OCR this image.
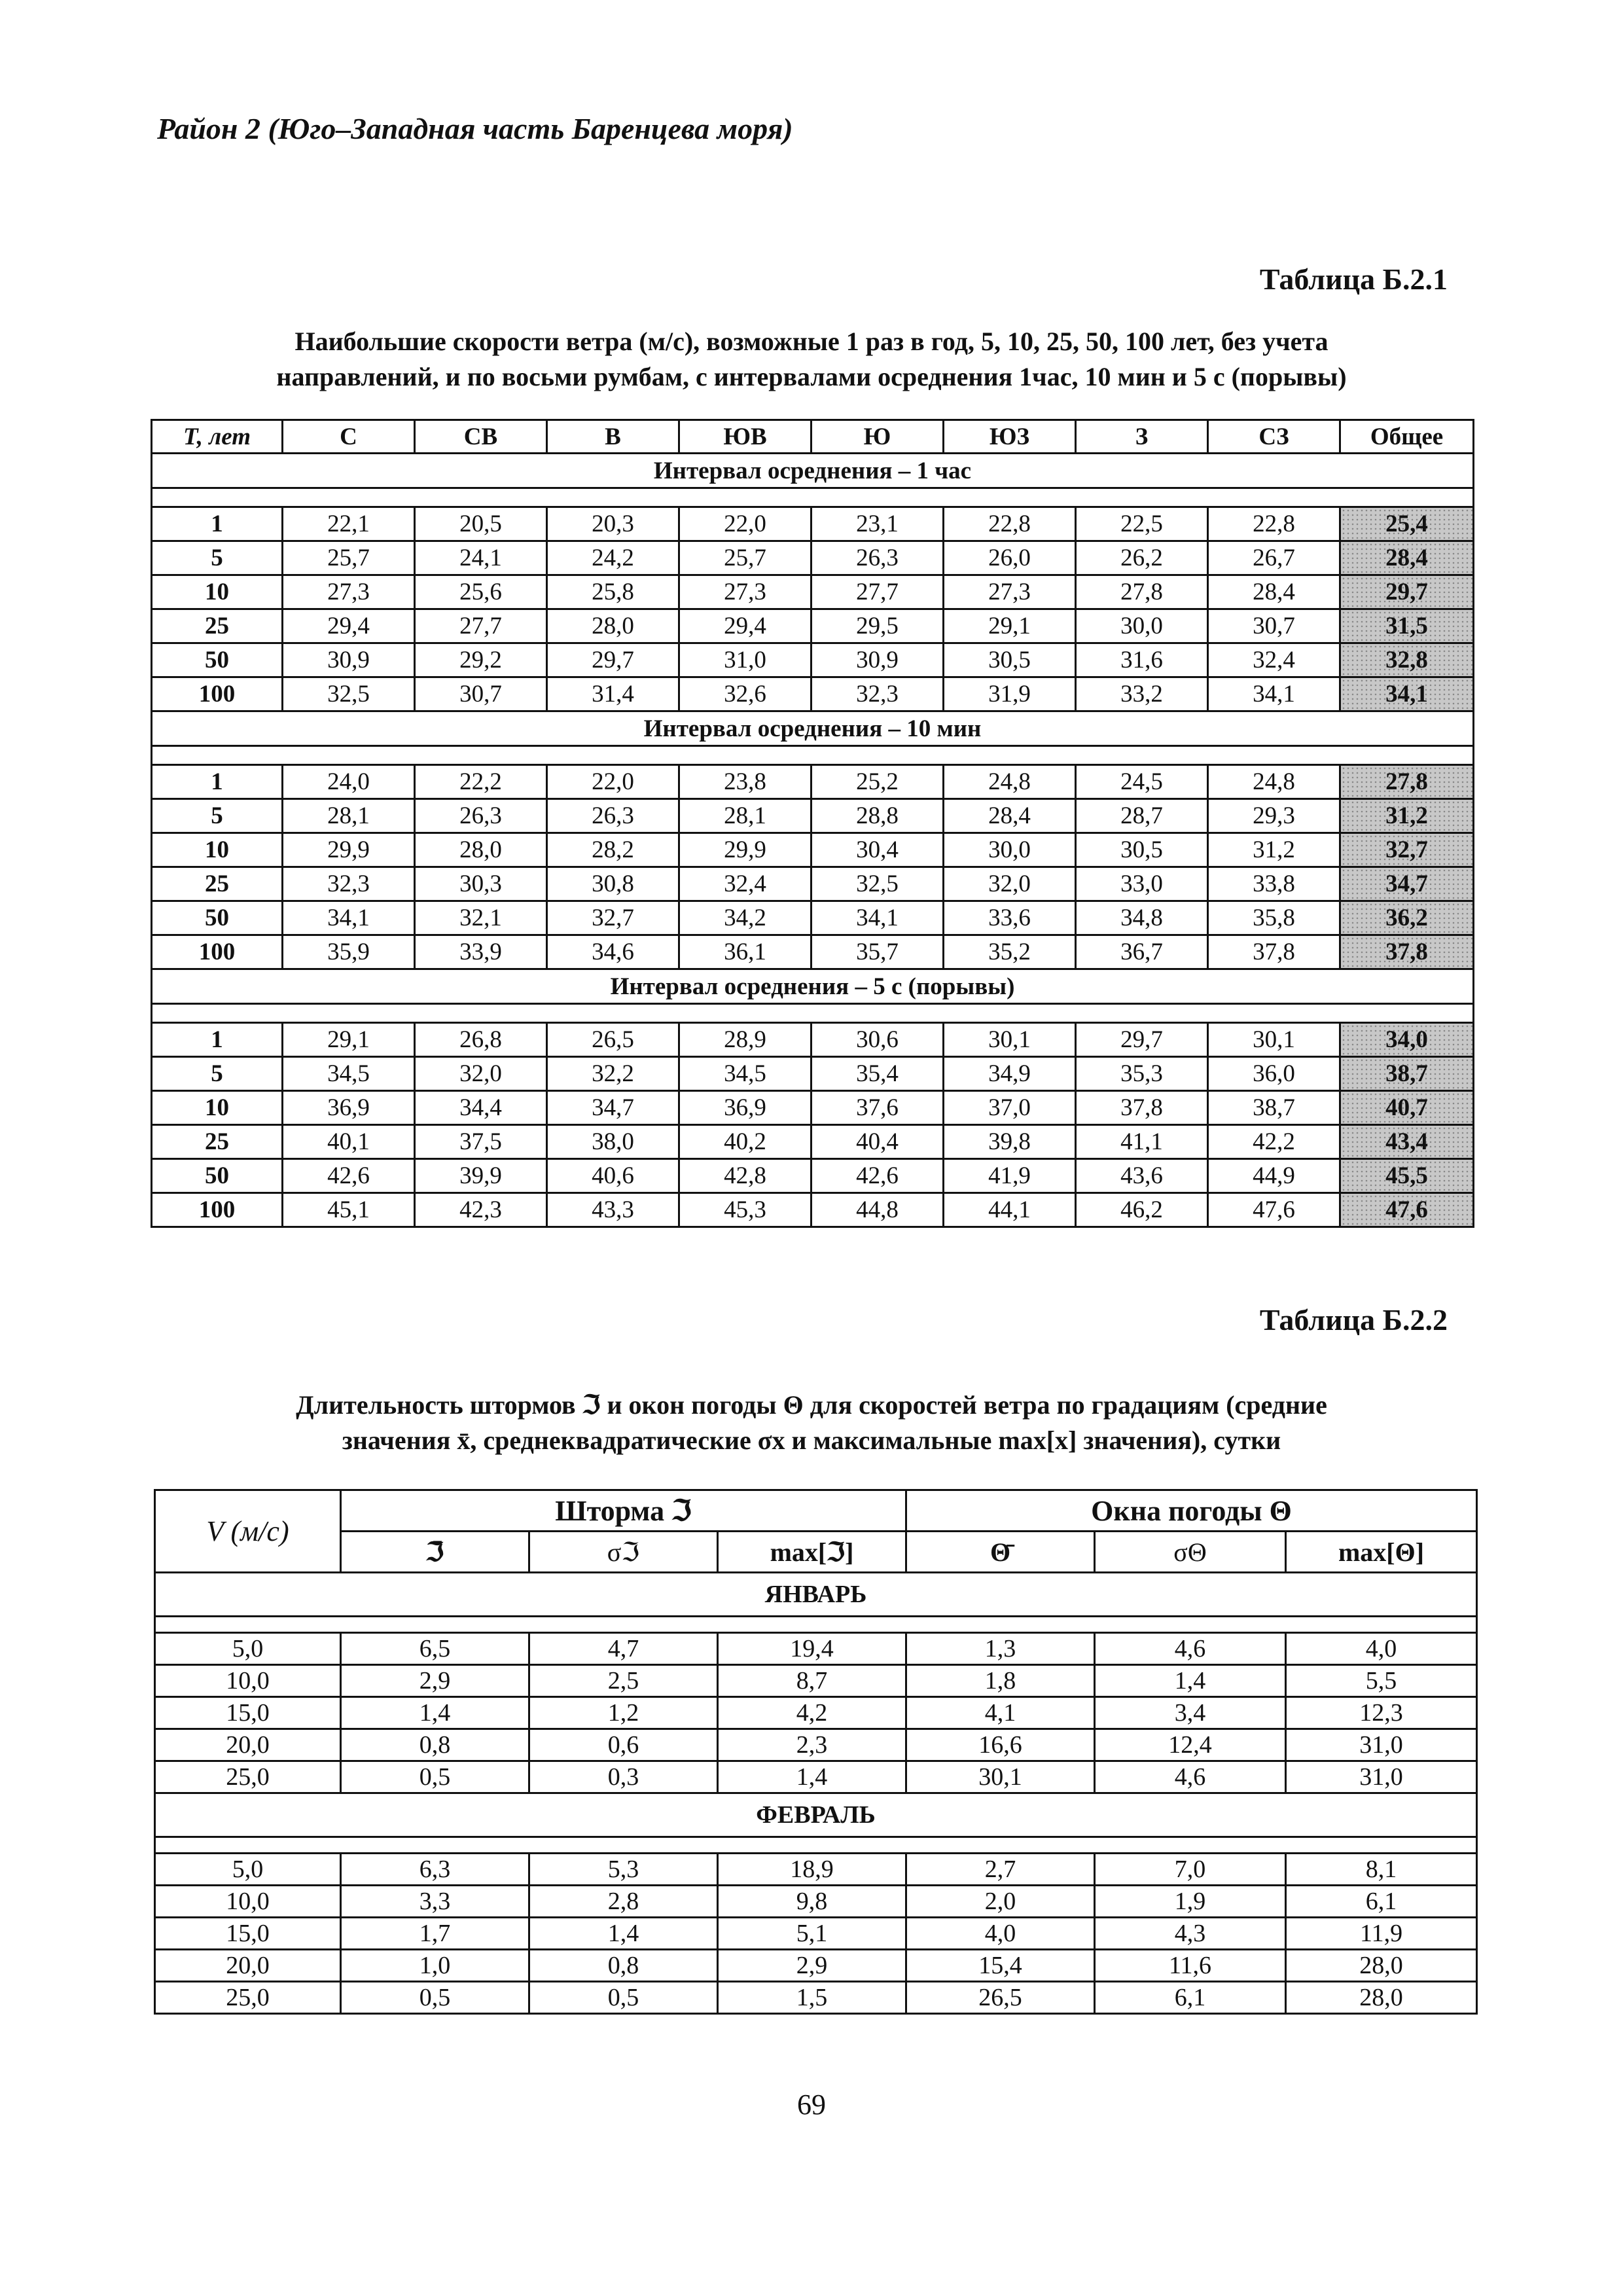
Район 2 (Юго–Западная часть Баренцева моря)
Таблица Б.2.1
Наибольшие скорости ветра (м/с), возможные 1 раз в год, 5, 10, 25, 50, 100 лет, без учета
направлений, и по восьми румбам, с интервалами осреднения 1час, 10 мин и 5 с (порывы)
Т, лет	С	СВ	В	ЮВ	Ю	ЮЗ	З	СЗ	Общее
Интервал осреднения – 1 час									

1	22,1	20,5	20,3	22,0	23,1	22,8	22,5	22,8	25,4
5	25,7	24,1	24,2	25,7	26,3	26,0	26,2	26,7	28,4
10	27,3	25,6	25,8	27,3	27,7	27,3	27,8	28,4	29,7
25	29,4	27,7	28,0	29,4	29,5	29,1	30,0	30,7	31,5
50	30,9	29,2	29,7	31,0	30,9	30,5	31,6	32,4	32,8
100	32,5	30,7	31,4	32,6	32,3	31,9	33,2	34,1	34,1
Интервал осреднения – 10 мин									

1	24,0	22,2	22,0	23,8	25,2	24,8	24,5	24,8	27,8
5	28,1	26,3	26,3	28,1	28,8	28,4	28,7	29,3	31,2
10	29,9	28,0	28,2	29,9	30,4	30,0	30,5	31,2	32,7
25	32,3	30,3	30,8	32,4	32,5	32,0	33,0	33,8	34,7
50	34,1	32,1	32,7	34,2	34,1	33,6	34,8	35,8	36,2
100	35,9	33,9	34,6	36,1	35,7	35,2	36,7	37,8	37,8
Интервал осреднения – 5 с (порывы)									

1	29,1	26,8	26,5	28,9	30,6	30,1	29,7	30,1	34,0
5	34,5	32,0	32,2	34,5	35,4	34,9	35,3	36,0	38,7
10	36,9	34,4	34,7	36,9	37,6	37,0	37,8	38,7	40,7
25	40,1	37,5	38,0	40,2	40,4	39,8	41,1	42,2	43,4
50	42,6	39,9	40,6	42,8	42,6	41,9	43,6	44,9	45,5
100	45,1	42,3	43,3	45,3	44,8	44,1	46,2	47,6	47,6
Таблица Б.2.2
Длительность штормов ℑ и окон погоды Θ для скоростей ветра по градациям (средние
значения x̄, среднеквадратические σx и максимальные max[x] значения), сутки
V (м/с)	Шторма ℑ			Окна погоды Θ		
	ℑ̄	σℑ	max[ℑ]	Θ̄	σΘ	max[Θ]
ЯНВАРЬ						

5,0	6,5	4,7	19,4	1,3	4,6	4,0
10,0	2,9	2,5	8,7	1,8	1,4	5,5
15,0	1,4	1,2	4,2	4,1	3,4	12,3
20,0	0,8	0,6	2,3	16,6	12,4	31,0
25,0	0,5	0,3	1,4	30,1	4,6	31,0
ФЕВРАЛЬ						

5,0	6,3	5,3	18,9	2,7	7,0	8,1
10,0	3,3	2,8	9,8	2,0	1,9	6,1
15,0	1,7	1,4	5,1	4,0	4,3	11,9
20,0	1,0	0,8	2,9	15,4	11,6	28,0
25,0	0,5	0,5	1,5	26,5	6,1	28,0
69
